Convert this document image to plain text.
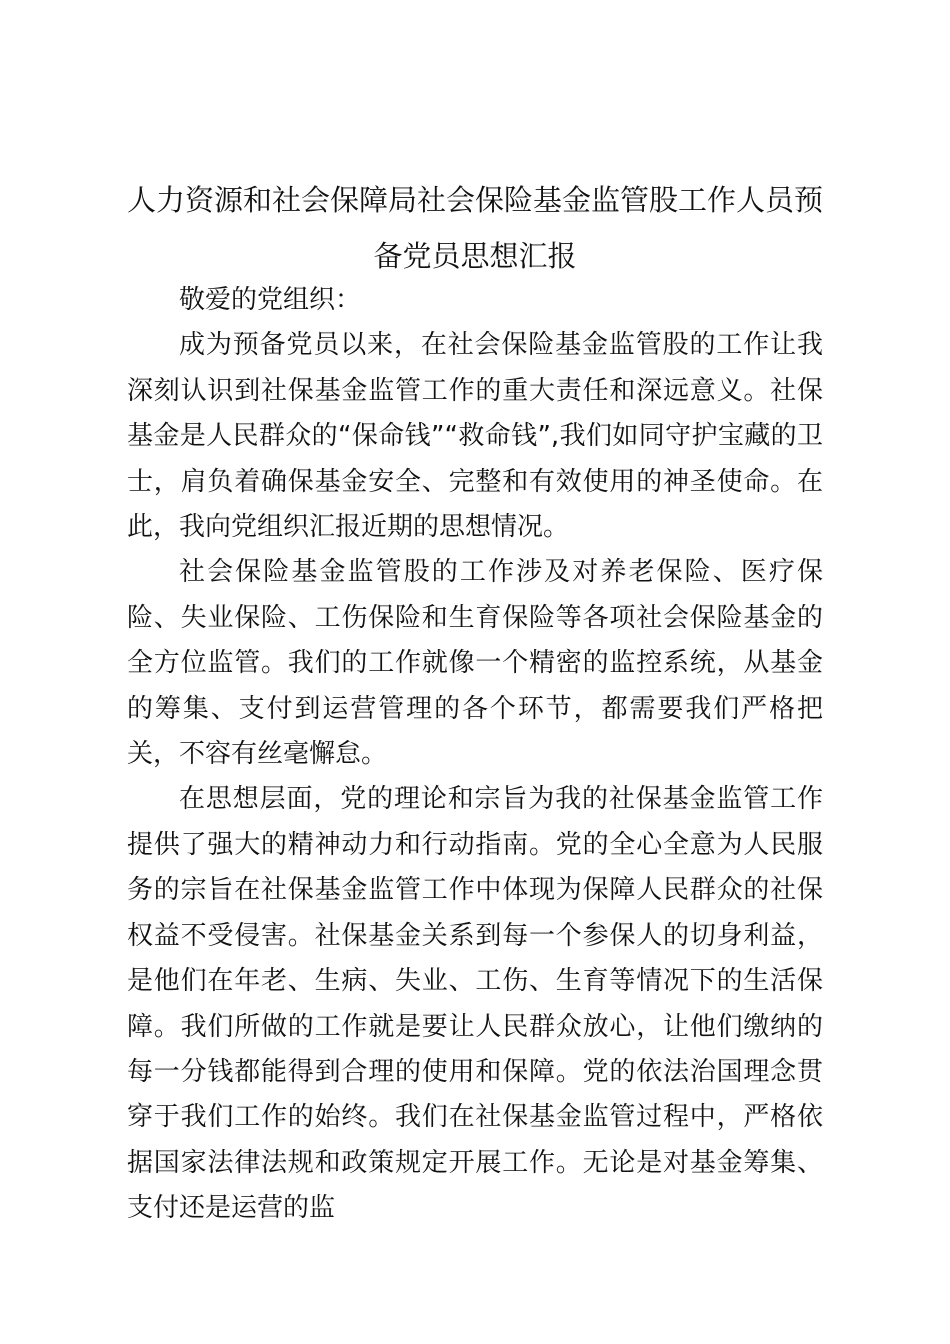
人力资源和社会保障局社会保险基金监管股工作人员预备党员思想汇报

敬爱的党组织：

成为预备党员以来，在社会保险基金监管股的工作让我深刻认识到社保基金监管工作的重大责任和深远意义。社保基金是人民群众的“保命钱”“救命钱”,我们如同守护宝藏的卫士，肩负着确保基金安全、完整和有效使用的神圣使命。在此，我向党组织汇报近期的思想情况。

社会保险基金监管股的工作涉及对养老保险、医疗保险、失业保险、工伤保险和生育保险等各项社会保险基金的全方位监管。我们的工作就像一个精密的监控系统，从基金的筹集、支付到运营管理的各个环节，都需要我们严格把关，不容有丝毫懈怠。

在思想层面，党的理论和宗旨为我的社保基金监管工作提供了强大的精神动力和行动指南。党的全心全意为人民服务的宗旨在社保基金监管工作中体现为保障人民群众的社保权益不受侵害。社保基金关系到每一个参保人的切身利益，是他们在年老、生病、失业、工伤、生育等情况下的生活保障。我们所做的工作就是要让人民群众放心，让他们缴纳的每一分钱都能得到合理的使用和保障。党的依法治国理念贯穿于我们工作的始终。我们在社保基金监管过程中，严格依据国家法律法规和政策规定开展工作。无论是对基金筹集、支付还是运营的监
